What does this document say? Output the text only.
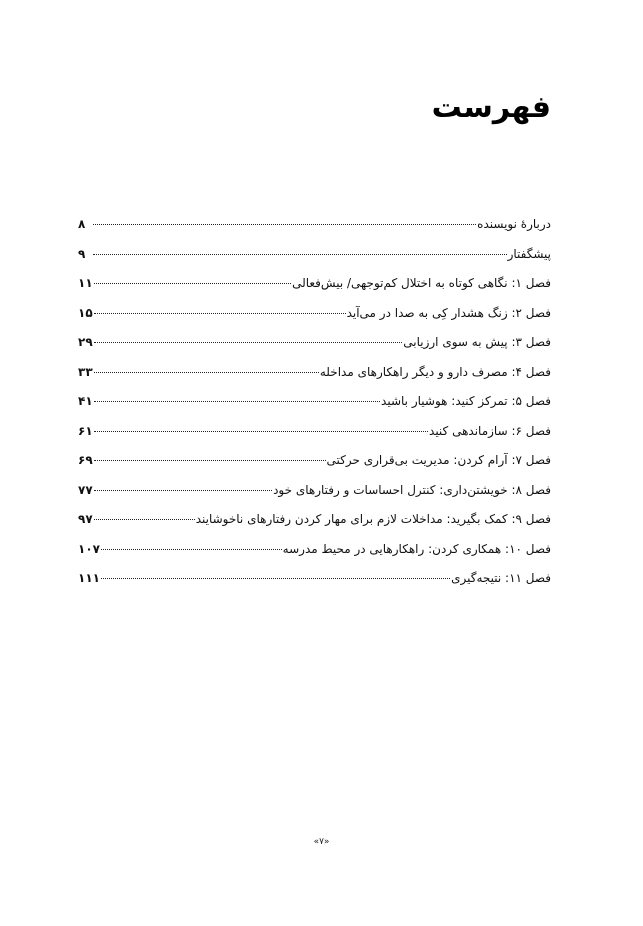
فهرست
دربارهٔ نویسنده
۸
پیشگفتار
۹
فصل ۱: نگاهی کوتاه به اختلال کم‌توجهی/ بیش‌فعالی
۱۱
فصل ۲: زنگ هشدار کِی به صدا در می‌آید
۱۵
فصل ۳: پیش به سوی ارزیابی
۲۹
فصل ۴: مصرف دارو و دیگر راهکارهای مداخله
۳۳
فصل ۵: تمرکز کنید: هوشیار باشید
۴۱
فصل ۶: سازماندهی کنید
۶۱
فصل ۷: آرام کردن: مدیریت بی‌قراری حرکتی
۶۹
فصل ۸: خویشتن‌داری: کنترل احساسات و رفتارهای خود
۷۷
فصل ۹: کمک بگیرید: مداخلات لازم برای مهار کردن رفتارهای ناخوشایند
۹۷
فصل ۱۰: همکاری کردن: راهکارهایی در محیط مدرسه
۱۰۷
فصل ۱۱: نتیجه‌گیری
۱۱۱
«۷»
